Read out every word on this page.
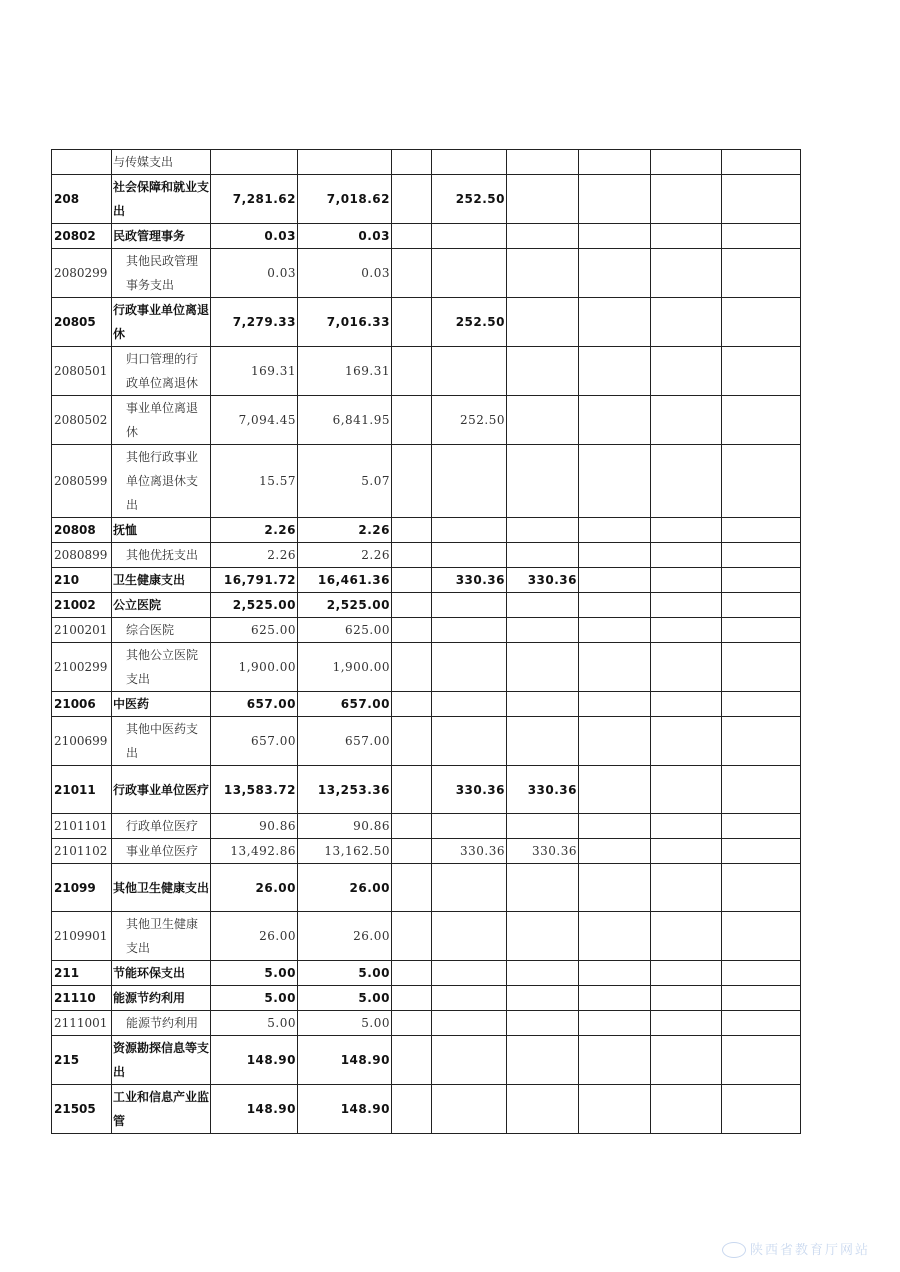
	与传媒支出									
208	社会保障和就业支出	7,281.62	7,018.62		252.50					
20802	民政管理事务	0.03	0.03							
2080299	其他民政管理事务支出	0.03	0.03							
20805	行政事业单位离退休	7,279.33	7,016.33		252.50					
2080501	归口管理的行政单位离退休	169.31	169.31							
2080502	事业单位离退休	7,094.45	6,841.95		252.50					
2080599	其他行政事业单位离退休支出	15.57	5.07							
20808	抚恤	2.26	2.26							
2080899	其他优抚支出	2.26	2.26							
210	卫生健康支出	16,791.72	16,461.36		330.36	330.36				
21002	公立医院	2,525.00	2,525.00							
2100201	综合医院	625.00	625.00							
2100299	其他公立医院支出	1,900.00	1,900.00							
21006	中医药	657.00	657.00							
2100699	其他中医药支出	657.00	657.00							
21011	行政事业单位医疗	13,583.72	13,253.36		330.36	330.36				
2101101	行政单位医疗	90.86	90.86							
2101102	事业单位医疗	13,492.86	13,162.50		330.36	330.36				
21099	其他卫生健康支出	26.00	26.00							
2109901	其他卫生健康支出	26.00	26.00							
211	节能环保支出	5.00	5.00							
21110	能源节约利用	5.00	5.00							
2111001	能源节约利用	5.00	5.00							
215	资源勘探信息等支出	148.90	148.90							
21505	工业和信息产业监管	148.90	148.90							
陕西省教育厅网站
